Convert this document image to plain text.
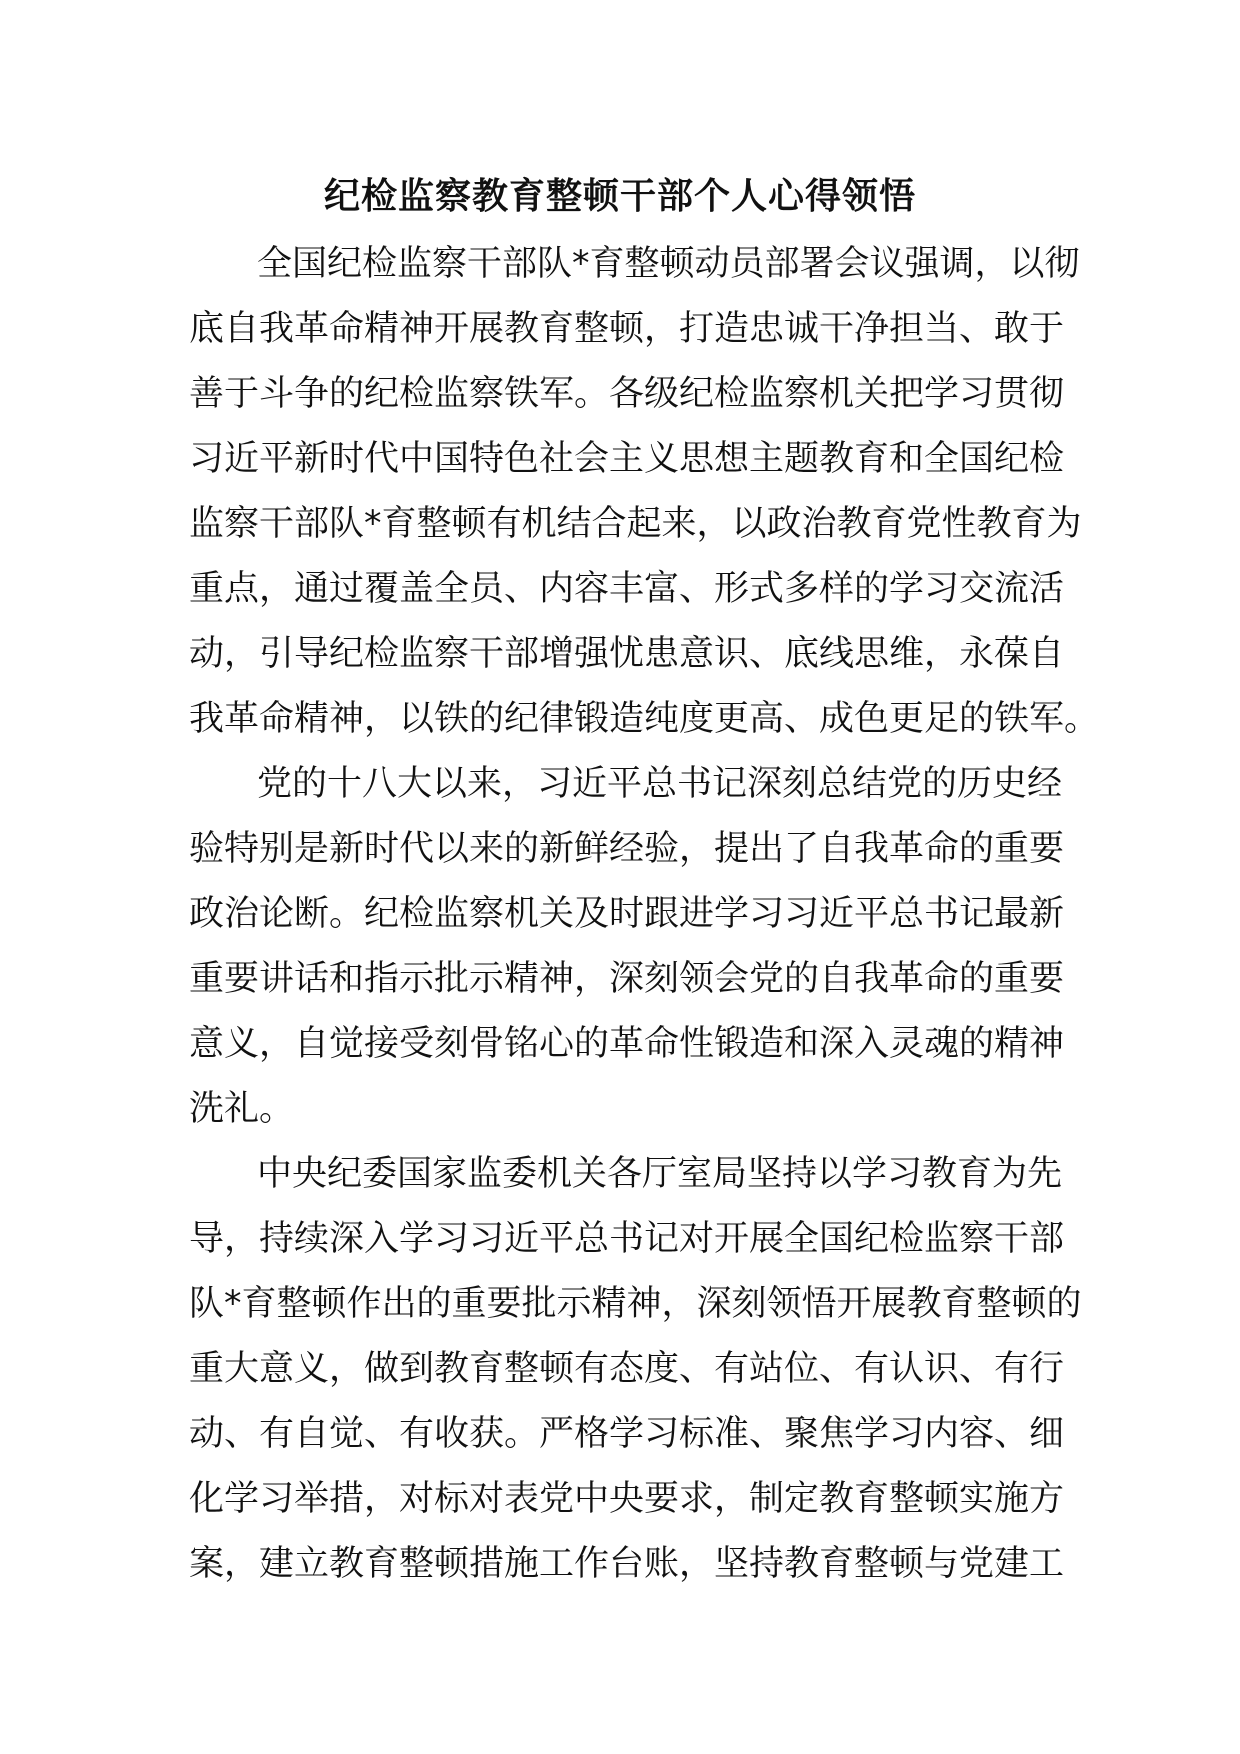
纪检监察教育整顿干部个人心得领悟
全国纪检监察干部队*育整顿动员部署会议强调，以彻
底自我革命精神开展教育整顿，打造忠诚干净担当、敢于
善于斗争的纪检监察铁军。各级纪检监察机关把学习贯彻
习近平新时代中国特色社会主义思想主题教育和全国纪检
监察干部队*育整顿有机结合起来，以政治教育党性教育为
重点，通过覆盖全员、内容丰富、形式多样的学习交流活
动，引导纪检监察干部增强忧患意识、底线思维，永葆自
我革命精神，以铁的纪律锻造纯度更高、成色更足的铁军。
党的十八大以来，习近平总书记深刻总结党的历史经
验特别是新时代以来的新鲜经验，提出了自我革命的重要
政治论断。纪检监察机关及时跟进学习习近平总书记最新
重要讲话和指示批示精神，深刻领会党的自我革命的重要
意义，自觉接受刻骨铭心的革命性锻造和深入灵魂的精神
洗礼。
中央纪委国家监委机关各厅室局坚持以学习教育为先
导，持续深入学习习近平总书记对开展全国纪检监察干部
队*育整顿作出的重要批示精神，深刻领悟开展教育整顿的
重大意义，做到教育整顿有态度、有站位、有认识、有行
动、有自觉、有收获。严格学习标准、聚焦学习内容、细
化学习举措，对标对表党中央要求，制定教育整顿实施方
案，建立教育整顿措施工作台账，坚持教育整顿与党建工
